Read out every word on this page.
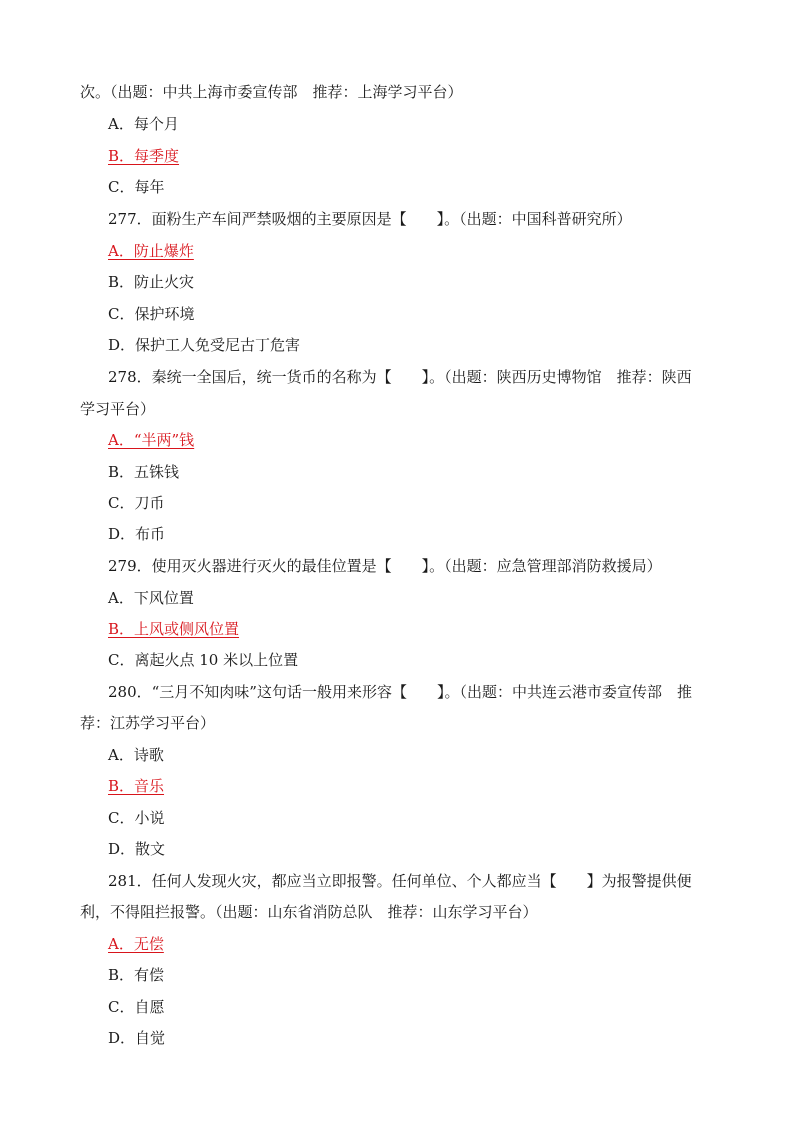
次。（出题：中共上海市委宣传部　推荐：上海学习平台）
A．每个月
B．每季度
C．每年
277．面粉生产车间严禁吸烟的主要原因是【　　】。（出题：中国科普研究所）
A．防止爆炸
B．防止火灾
C．保护环境
D．保护工人免受尼古丁危害
278．秦统一全国后，统一货币的名称为【　　】。（出题：陕西历史博物馆　推荐：陕西
学习平台）
A．“半两”钱
B．五铢钱
C．刀币
D．布币
279．使用灭火器进行灭火的最佳位置是【　　】。（出题：应急管理部消防救援局）
A．下风位置
B．上风或侧风位置
C．离起火点 10 米以上位置
280．“三月不知肉味”这句话一般用来形容【　　】。（出题：中共连云港市委宣传部　推
荐：江苏学习平台）
A．诗歌
B．音乐
C．小说
D．散文
281．任何人发现火灾，都应当立即报警。任何单位、个人都应当【　　】为报警提供便
利，不得阻拦报警。（出题：山东省消防总队　推荐：山东学习平台）
A．无偿
B．有偿
C．自愿
D．自觉
